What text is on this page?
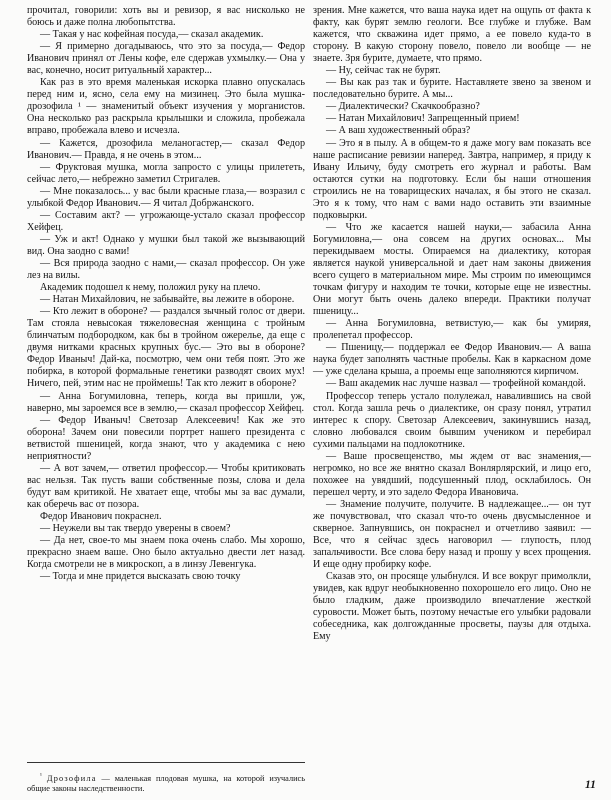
прочитал, говорили: хоть вы и ревизор, я вас нисколько не боюсь и даже полна любопытства.

— Такая у нас кофейная посуда,— сказал академик.

— Я примерно догадываюсь, что это за посуда,— Федор Иванович принял от Лены кофе, еле сдержав ухмылку.— Она у вас, конечно, носит ритуальный характер...

Как раз в это время маленькая искорка плавно опускалась перед ним и, ясно, села ему на мизинец. Это была мушка-дрозофила ¹ — знаменитый объект изучения у морганистов. Она несколько раз раскрыла крылышки и сложила, пробежала вправо, пробежала влево и исчезла.

— Кажется, дрозофила меланогастер,— сказал Федор Иванович.— Правда, я не очень в этом...

— Фруктовая мушка, могла запросто с улицы прилететь, сейчас лето,— небрежно заметил Стригалев.

— Мне показалось... у вас были красные глаза,— возразил с улыбкой Федор Иванович.— Я читал Добржанского.

— Составим акт? — угрожающе-устало сказал профессор Хейфец.

— Уж и акт! Однако у мушки был такой же вызывающий вид. Она заодно с вами!

— Вся природа заодно с нами,— сказал профессор. Он уже лез на вилы.

Академик подошел к нему, положил руку на плечо.

— Натан Михайлович, не забывайте, вы лежите в обороне.

— Кто лежит в обороне? — раздался зычный голос от двери. Там стояла невысокая тяжеловесная женщина с тройным блинчатым подбородком, как бы в тройном ожерелье, да еще с двумя нитками красных крупных бус.— Это вы в обороне? Федор Иваныч! Дай-ка, посмотрю, чем они тебя поят. Это же побирка, в которой формальные генетики разводят своих мух! Ничего, пей, этим нас не проймешь! Так кто лежит в обороне?

— Анна Богумиловна, теперь, когда вы пришли, уж, наверно, мы зароемся все в землю,— сказал профессор Хейфец.

— Федор Иваныч! Светозар Алексеевич! Как же это оборона! Зачем они повесили портрет нашего президента с ветвистой пшеницей, когда знают, что у академика с нею неприятности?

— А вот зачем,— ответил профессор.— Чтобы критиковать вас нельзя. Так пусть ваши собственные позы, слова и дела будут вам критикой. Не хватает еще, чтобы мы за вас думали, как оберечь вас от позора.

Федор Иванович покраснел.

— Неужели вы так твердо уверены в своем?

— Да нет, свое-то мы знаем пока очень слабо. Мы хорошо, прекрасно знаем ваше. Оно было актуально двести лет назад. Когда смотрели не в микроскоп, а в линзу Левенгука.

— Тогда и мне придется высказать свою точку

зрения. Мне кажется, что ваша наука идет на ощупь от факта к факту, как бурят землю геологи. Все глубже и глубже. Вам кажется, что скважина идет прямо, а ее повело куда-то в сторону. В какую сторону повело, повело ли вообще — не знаете. Зря бурите, думаете, что прямо.

— Ну, сейчас так не бурят.

— Вы как раз так и бурите. Наставляете звено за звеном и последовательно бурите. А мы...

— Диалектически? Скачкообразно?

— Натан Михайлович! Запрещенный прием!

— А ваш художественный образ?

— Это я в пылу. А в общем-то я даже могу вам показать все наше расписание ревизии наперед. Завтра, например, я приду к Ивану Ильичу, буду смотреть его журнал и работы. Вам остаются сутки на подготовку. Если бы наши отношения строились не на товарищеских началах, я бы этого не сказал. Это я к тому, что нам с вами надо оставить эти взаимные подковырки.

— Что же касается нашей науки,— забасила Анна Богумиловна,— она совсем на других основах... Мы перекидываем мосты. Опираемся на диалектику, которая является наукой универсальной и дает нам законы движения всего сущего в материальном мире. Мы строим по имеющимся точкам фигуру и находим те точки, которые еще не известны. Они могут быть очень далеко впереди. Практики получат пшеницу...

— Анна Богумиловна, ветвистую,— как бы умиряя, пролепетал профессор.

— Пшеницу,— поддержал ее Федор Иванович.— А ваша наука будет заполнять частные пробелы. Как в каркасном доме — уже сделана крыша, а проемы еще заполняются кирпичом.

— Ваш академик нас лучше назвал — трофейной командой.

Профессор теперь устало полулежал, навалившись на свой стол. Когда зашла речь о диалектике, он сразу понял, утратил интерес к спору. Светозар Алексеевич, закинувшись назад, словно любовался своим бывшим учеником и перебирал сухими пальцами на подлокотнике.

— Ваше просвещенство, мы ждем от вас знамения,— негромко, но все же внятно сказал Вонлярлярский, и лицо его, похожее на увядший, подсушенный плод, осклабилось. Он перешел черту, и это задело Федора Ивановича.

— Знамение получите, получите. В надлежащее...— он тут же почувствовал, что сказал что-то очень двусмысленное и скверное. Запнувшись, он покраснел и отчетливо заявил: — Все, что я сейчас здесь наговорил — глупость, плод запальчивости. Все слова беру назад и прошу у всех прощения. И еще одну пробирку кофе.

Сказав это, он просяще улыбнулся. И все вокруг примолкли, увидев, как вдруг необыкновенно похорошело его лицо. Оно не было гладким, даже производило впечатление жесткой суровости. Может быть, поэтому нечастые его улыбки радовали собеседника, как долгожданные просветы, паузы для отдыха. Ему

$^{^1}$ Дрозофила — маленькая плодовая мушка, на которой изучались общие законы наследственности.	11
